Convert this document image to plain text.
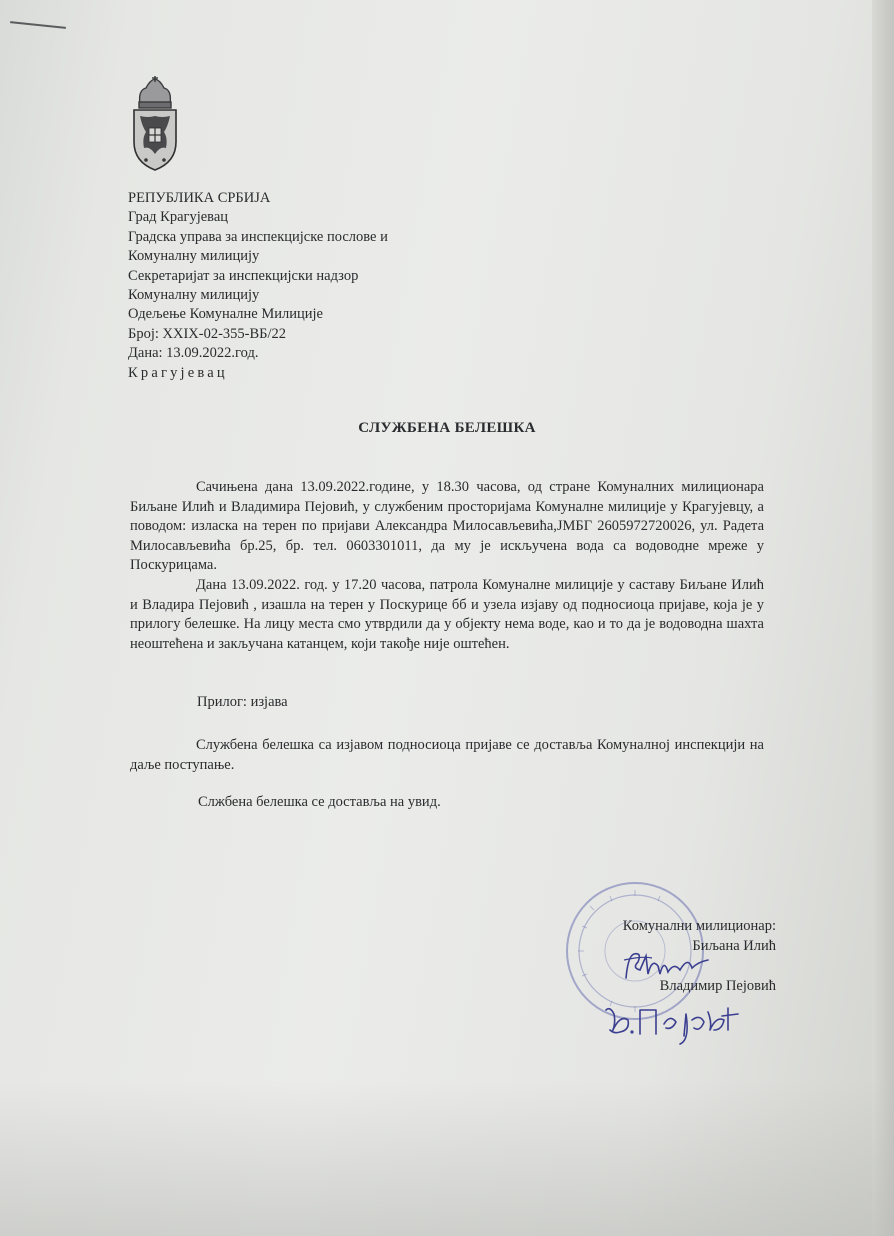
РЕПУБЛИКА СРБИЈА
Град Крагујевац
Градска управа за инспекцијске послове и
Комуналну милицију
Секретаријат за инспекцијски надзор
Комуналну милицију
Одељење Комуналне Милиције
Број: XXIX-02-355-ВБ/22
Дана: 13.09.2022.год.
Крагујевац
СЛУЖБЕНА БЕЛЕШКА

Сачињена дана 13.09.2022.године, у 18.30 часова, од стране Комуналних милиционара Биљане Илић и Владимира Пејовић, у службеним просторијама Комуналне милиције у Крагујевцу, а поводом: изласка на терен по пријави Александра Милосављевића,ЈМБГ 2605972720026, ул. Радета Милосављевића бр.25, бр. тел. 0603301011, да му је искључена вода са водоводне мреже у Поскурицама.

Дана 13.09.2022. год. у 17.20 часова, патрола Комуналне милиције у саставу Биљане Илић и Владира Пејовић , изашла на терен у Поскурице бб и узела изјаву од подносиоца пријаве, која је у прилогу белешке. На лицу места смо утврдили да у објекту нема воде, као и то да је водоводна шахта неоштећена и закључана катанцем, који такође није оштећен.

Прилог: изјава

Службена белешка са изјавом подносиоца пријаве се доставља Комуналној инспекцији на даље поступање.

Слжбена белешка се доставља на увид.
Комунални милиционар:
Биљана Илић
Владимир Пејовић
